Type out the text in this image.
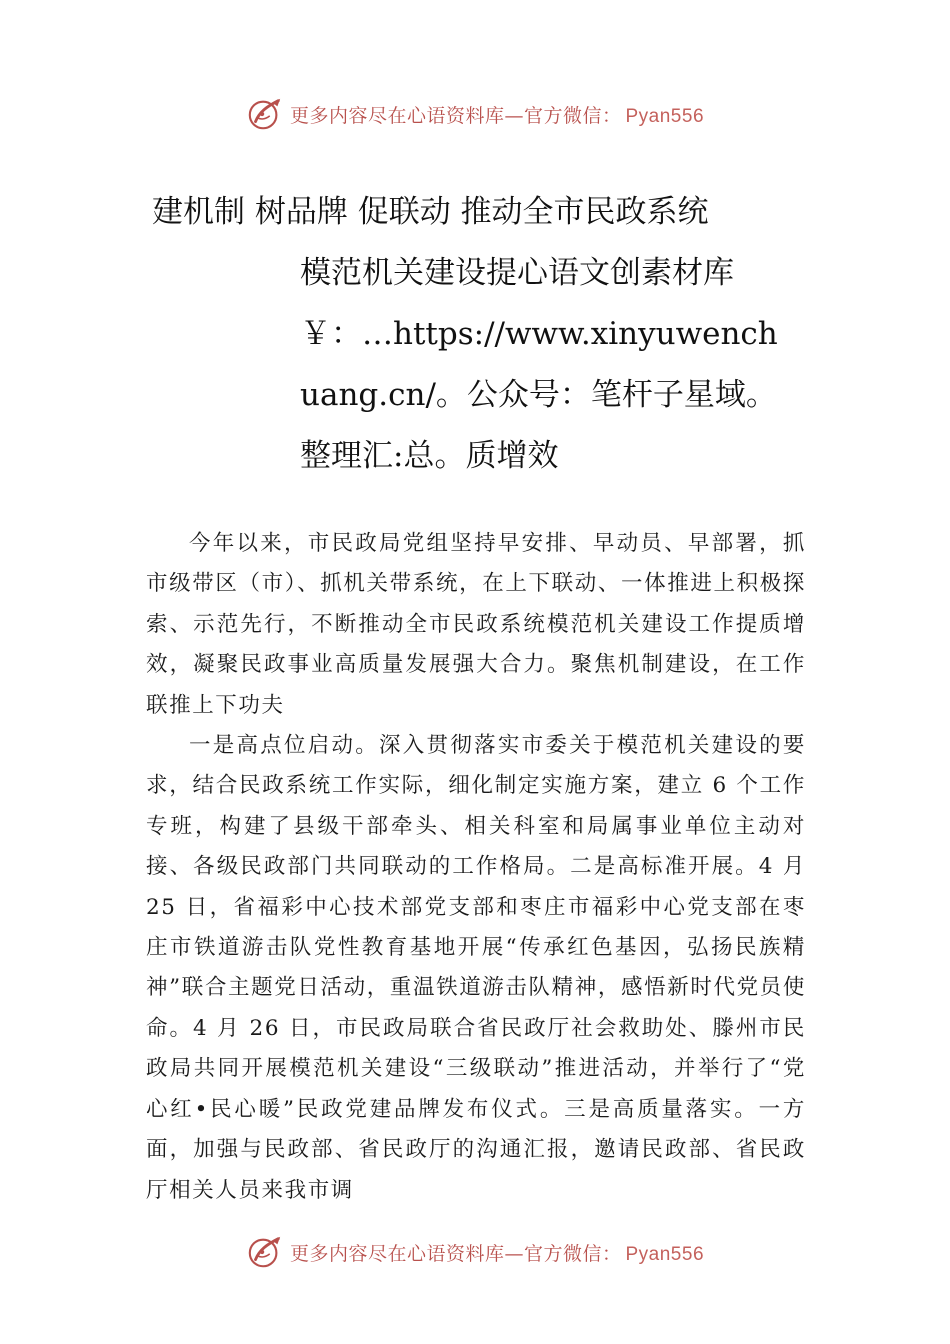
更多内容尽在心语资料库—官方微信： Pyan556
建机制 树品牌 促联动 推动全市民政系统
模范机关建设提心语文创素材库
￥：…https://www.xinyuwench
uang.cn/。公众号：笔杆子星域。
整理汇:总。质增效

今年以来，市民政局党组坚持早安排、早动员、早部署，抓市级带区（市）、抓机关带系统，在上下联动、一体推进上积极探索、示范先行，不断推动全市民政系统模范机关建设工作提质增效，凝聚民政事业高质量发展强大合力。聚焦机制建设，在工作联推上下功夫

一是高点位启动。深入贯彻落实市委关于模范机关建设的要求，结合民政系统工作实际，细化制定实施方案，建立 6 个工作专班，构建了县级干部牵头、相关科室和局属事业单位主动对接、各级民政部门共同联动的工作格局。二是高标准开展。4 月 25 日，省福彩中心技术部党支部和枣庄市福彩中心党支部在枣庄市铁道游击队党性教育基地开展“传承红色基因，弘扬民族精神”联合主题党日活动，重温铁道游击队精神，感悟新时代党员使命。4 月 26 日，市民政局联合省民政厅社会救助处、滕州市民政局共同开展模范机关建设“三级联动”推进活动，并举行了“党心红•民心暖”民政党建品牌发布仪式。三是高质量落实。一方面，加强与民政部、省民政厅的沟通汇报，邀请民政部、省民政厅相关人员来我市调

更多内容尽在心语资料库—官方微信： Pyan556
